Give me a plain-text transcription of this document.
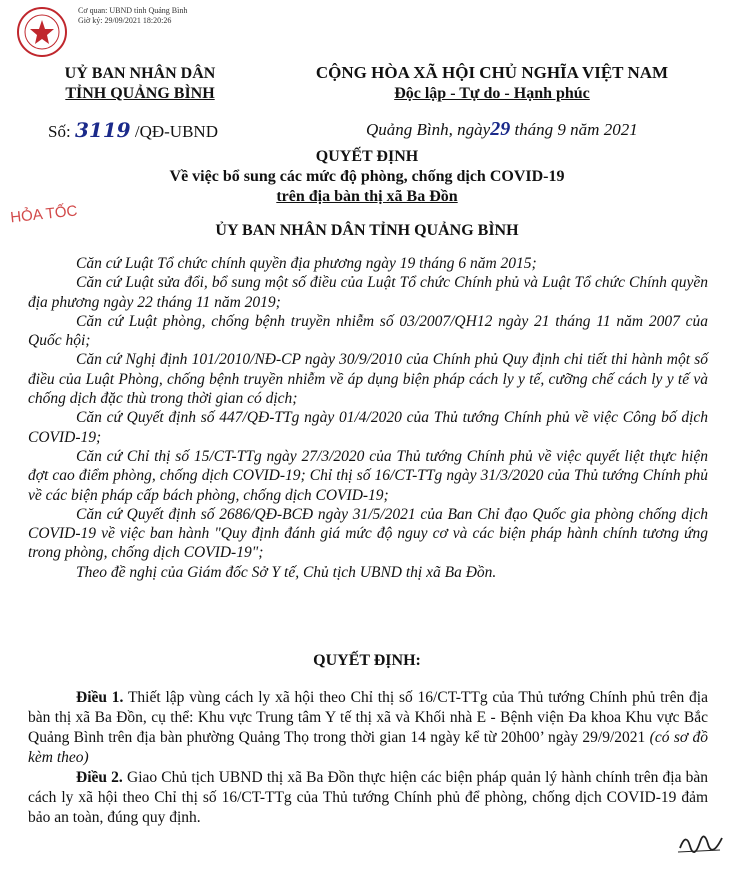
Cơ quan: UBND tỉnh Quảng Bình
Giờ ký: 29/09/2021 18:20:26
UỶ BAN NHÂN DÂN
TỈNH QUẢNG BÌNH
CỘNG HÒA XÃ HỘI CHỦ NGHĨA VIỆT NAM
Độc lập - Tự do - Hạnh phúc
Số: 3119 /QĐ-UBND	Quảng Bình, ngày29 tháng 9 năm 2021
HỎA TỐC
QUYẾT ĐỊNH
Về việc bổ sung các mức độ phòng, chống dịch COVID-19
trên địa bàn thị xã Ba Đồn
ỦY BAN NHÂN DÂN TỈNH QUẢNG BÌNH

Căn cứ Luật Tổ chức chính quyền địa phương ngày 19 tháng 6 năm 2015;

Căn cứ Luật sửa đổi, bổ sung một số điều của Luật Tổ chức Chính phủ và Luật Tổ chức Chính quyền địa phương ngày 22 tháng 11 năm 2019;

Căn cứ Luật phòng, chống bệnh truyền nhiễm số 03/2007/QH12 ngày 21 tháng 11 năm 2007 của Quốc hội;

Căn cứ Nghị định 101/2010/NĐ-CP ngày 30/9/2010 của Chính phủ Quy định chi tiết thi hành một số điều của Luật Phòng, chống bệnh truyền nhiễm về áp dụng biện pháp cách ly y tế, cưỡng chế cách ly y tế và chống dịch đặc thù trong thời gian có dịch;

Căn cứ Quyết định số 447/QĐ-TTg ngày 01/4/2020 của Thủ tướng Chính phủ về việc Công bố dịch COVID-19;

Căn cứ Chỉ thị số 15/CT-TTg ngày 27/3/2020 của Thủ tướng Chính phủ về việc quyết liệt thực hiện đợt cao điểm phòng, chống dịch COVID-19; Chỉ thị số 16/CT-TTg ngày 31/3/2020 của Thủ tướng Chính phủ về các biện pháp cấp bách phòng, chống dịch COVID-19;

Căn cứ Quyết định số 2686/QĐ-BCĐ ngày 31/5/2021 của Ban Chỉ đạo Quốc gia phòng chống dịch COVID-19 về việc ban hành "Quy định đánh giá mức độ nguy cơ và các biện pháp hành chính tương ứng trong phòng, chống dịch COVID-19";

Theo đề nghị của Giám đốc Sở Y tế, Chủ tịch UBND thị xã Ba Đồn.

QUYẾT ĐỊNH:

Điều 1. Thiết lập vùng cách ly xã hội theo Chỉ thị số 16/CT-TTg của Thủ tướng Chính phủ trên địa bàn thị xã Ba Đồn, cụ thể: Khu vực Trung tâm Y tế thị xã và Khối nhà E - Bệnh viện Đa khoa Khu vực Bắc Quảng Bình trên địa bàn phường Quảng Thọ trong thời gian 14 ngày kể từ 20h00’ ngày 29/9/2021 (có sơ đồ kèm theo)

Điều 2. Giao Chủ tịch UBND thị xã Ba Đồn thực hiện các biện pháp quản lý hành chính trên địa bàn cách ly xã hội theo Chỉ thị số 16/CT-TTg của Thủ tướng Chính phủ để phòng, chống dịch COVID-19 đảm bảo an toàn, đúng quy định.
